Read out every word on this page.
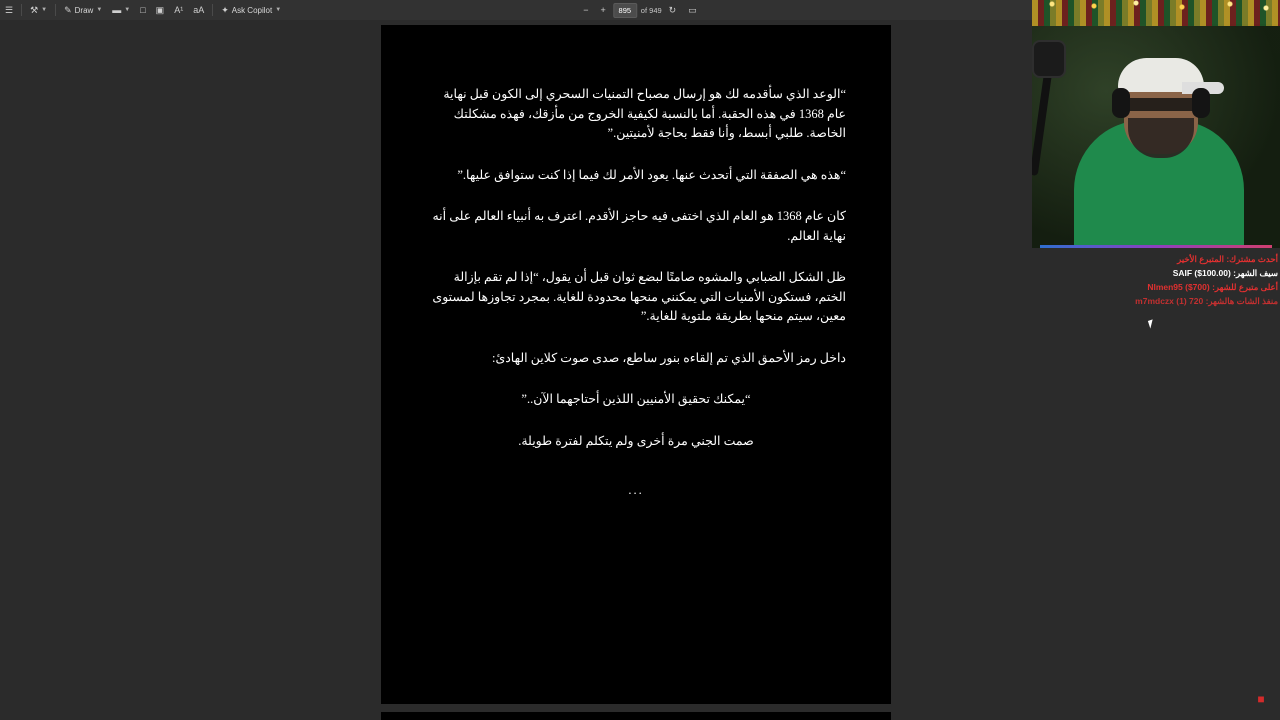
☰ ⚒ ▼ ✎ Draw ▼ ▬ ▼ □ ▣ A¹ aA ✦ Ask Copilot ▼	− +	895	of 949 ↻ ▭

“الوعد الذي سأقدمه لك هو إرسال مصباح التمنيات السحري إلى الكون قبل نهاية عام 1368 في هذه الحقبة. أما بالنسبة لكيفية الخروج من مأزقك، فهذه مشكلتك الخاصة. طلبي أبسط، وأنا فقط بحاجة لأمنيتين.”

“هذه هي الصفقة التي أتحدث عنها. يعود الأمر لك فيما إذا كنت ستوافق عليها.”

كان عام 1368 هو العام الذي اختفى فيه حاجز الأقدم. اعترف به أنبياء العالم على أنه نهاية العالم.

ظل الشكل الضبابي والمشوه صامتًا لبضع ثوان قبل أن يقول، “إذا لم تقم بإزالة الختم، فستكون الأمنيات التي يمكنني منحها محدودة للغاية. بمجرد تجاوزها لمستوى معين، سيتم منحها بطريقة ملتوية للغاية.”

داخل رمز الأحمق الذي تم إلقاءه بنور ساطع، صدى صوت كلاين الهادئ:

“يمكنك تحقيق الأمنيين اللذين أحتاجهما الآن..”

صمت الجني مرة أخرى ولم يتكلم لفترة طويلة.

...

■
أحدث مشترك: المتبرع الأخير
سيف الشهر: SAIF ($100.00)
أعلى متبرع للشهر: Nlmen95 ($700)
منفذ الشات هالشهر: m7mdczx (1) 720
